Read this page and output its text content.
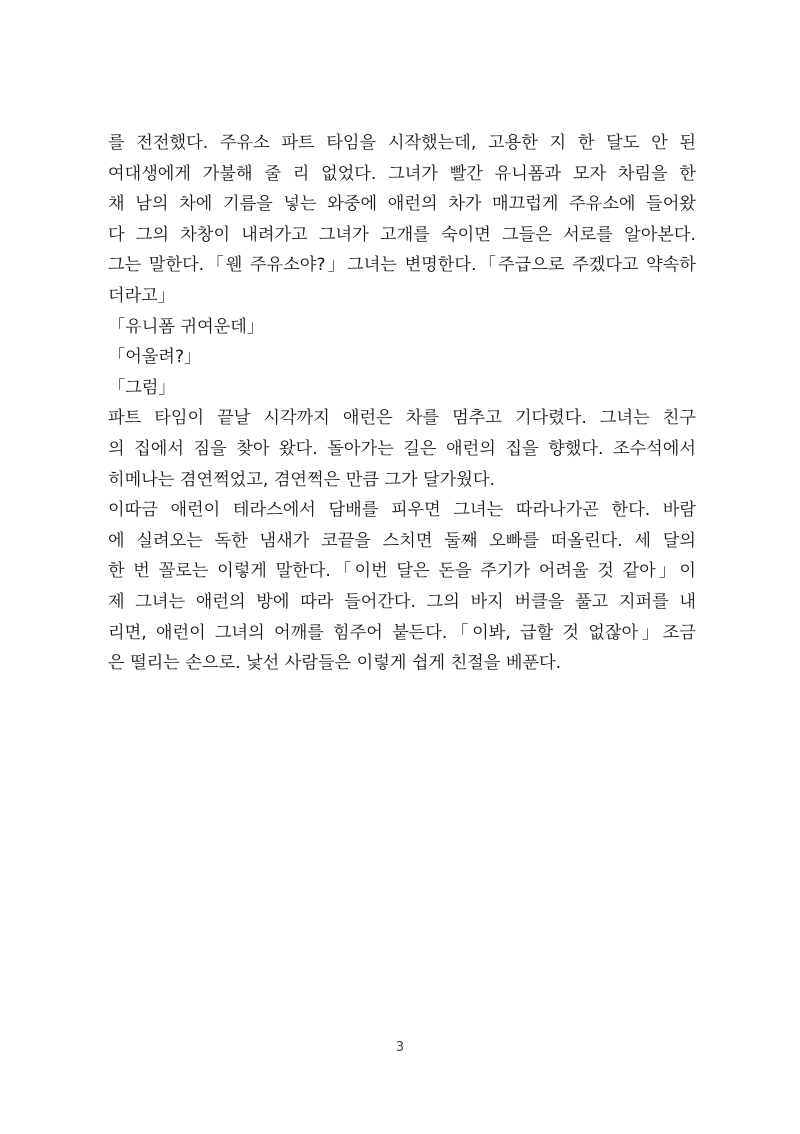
를 전전했다. 주유소 파트 타임을 시작했는데, 고용한 지 한 달도 안 된
여대생에게 가불해 줄 리 없었다. 그녀가 빨간 유니폼과 모자 차림을 한
채 남의 차에 기름을 넣는 와중에 애런의 차가 매끄럽게 주유소에 들어왔
다 그의 차창이 내려가고 그녀가 고개를 숙이면 그들은 서로를 알아본다.
그는 말한다.「웬 주유소야?」그녀는 변명한다.「주급으로 주겠다고 약속하
더라고」
「유니폼 귀여운데」
「어울려?」
「그럼」
파트 타임이 끝날 시각까지 애런은 차를 멈추고 기다렸다. 그녀는 친구
의 집에서 짐을 찾아 왔다. 돌아가는 길은 애런의 집을 향했다. 조수석에서
히메나는 겸연쩍었고, 겸연쩍은 만큼 그가 달가웠다.
이따금 애런이 테라스에서 담배를 피우면 그녀는 따라나가곤 한다. 바람
에 실려오는 독한 냄새가 코끝을 스치면 둘째 오빠를 떠올린다. 세 달의
한 번 꼴로는 이렇게 말한다.「이번 달은 돈을 주기가 어려울 것 같아」이
제 그녀는 애런의 방에 따라 들어간다. 그의 바지 버클을 풀고 지퍼를 내
리면, 애런이 그녀의 어깨를 힘주어 붙든다.「이봐, 급할 것 없잖아」조금
은 떨리는 손으로. 낯선 사람들은 이렇게 쉽게 친절을 베푼다.
3
